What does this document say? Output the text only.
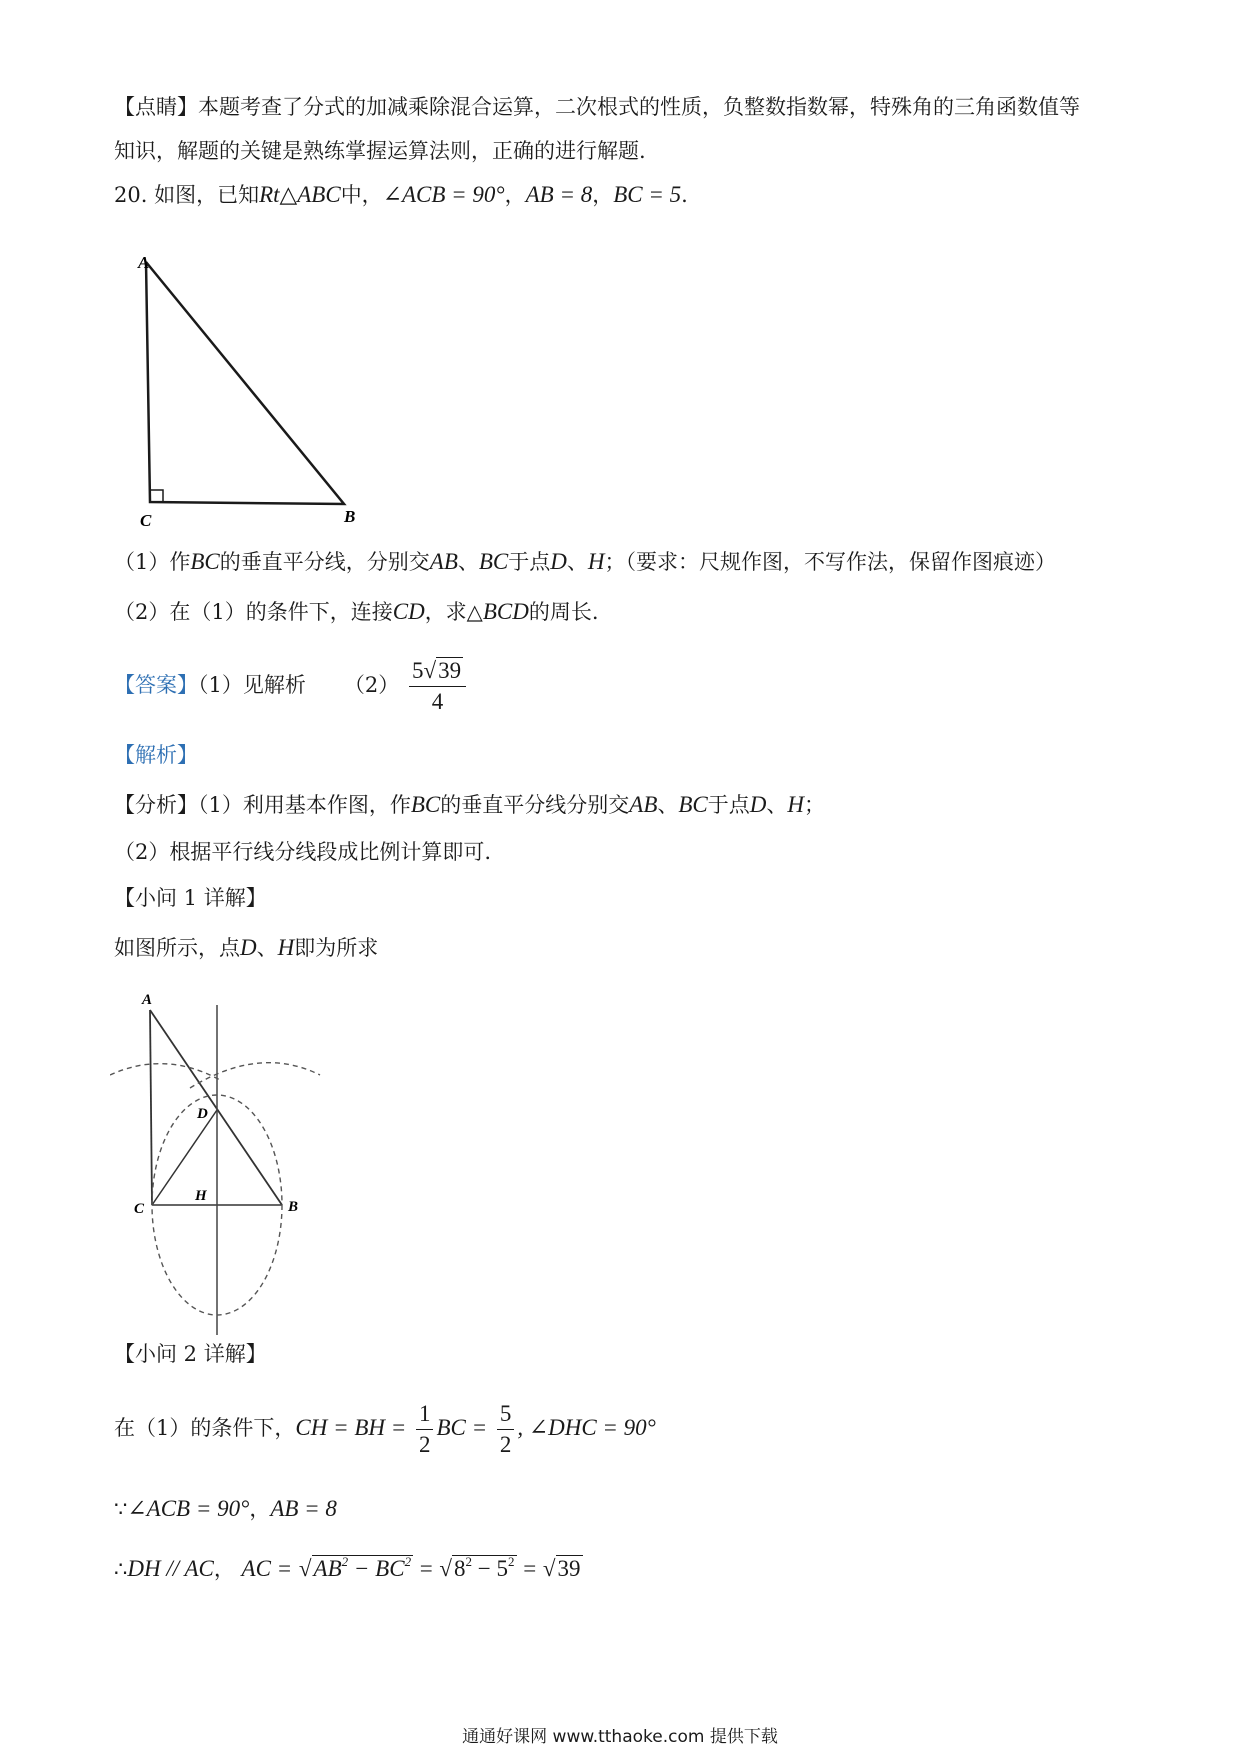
【点睛】本题考查了分式的加减乘除混合运算，二次根式的性质，负整数指数幂，特殊角的三角函数值等
知识，解题的关键是熟练掌握运算法则，正确的进行解题.
20. 如图，已知Rt△ABC中，∠ACB = 90°，AB = 8，BC = 5.
A
C	B
（1）作BC的垂直平分线，分别交AB、BC于点D、H；（要求：尺规作图，不写作法，保留作图痕迹）
（2）在（1）的条件下，连接CD，求△BCD的周长.
【答案】（1）见解析 $(2) \frac{5√39}{4}$
【解析】
【分析】（1）利用基本作图，作BC的垂直平分线分别交AB、BC于点D、H；
（2）根据平行线分线段成比例计算即可.
【小问 1 详解】
如图所示，点D、H即为所求
A
D
H
C	B
【小问 2 详解】
在（1）的条件下，CH = BH = $\frac{1}{2}$ BC = $\frac{5}{2}$ , ∠DHC = 90°
∵∠ACB = 90°，AB = 8
∴DH // AC， AC = $√AB^2 - BC^2 = √8^2 - 5^2 = √39$
通通好课网 www.tthaoke.com 提供下载
